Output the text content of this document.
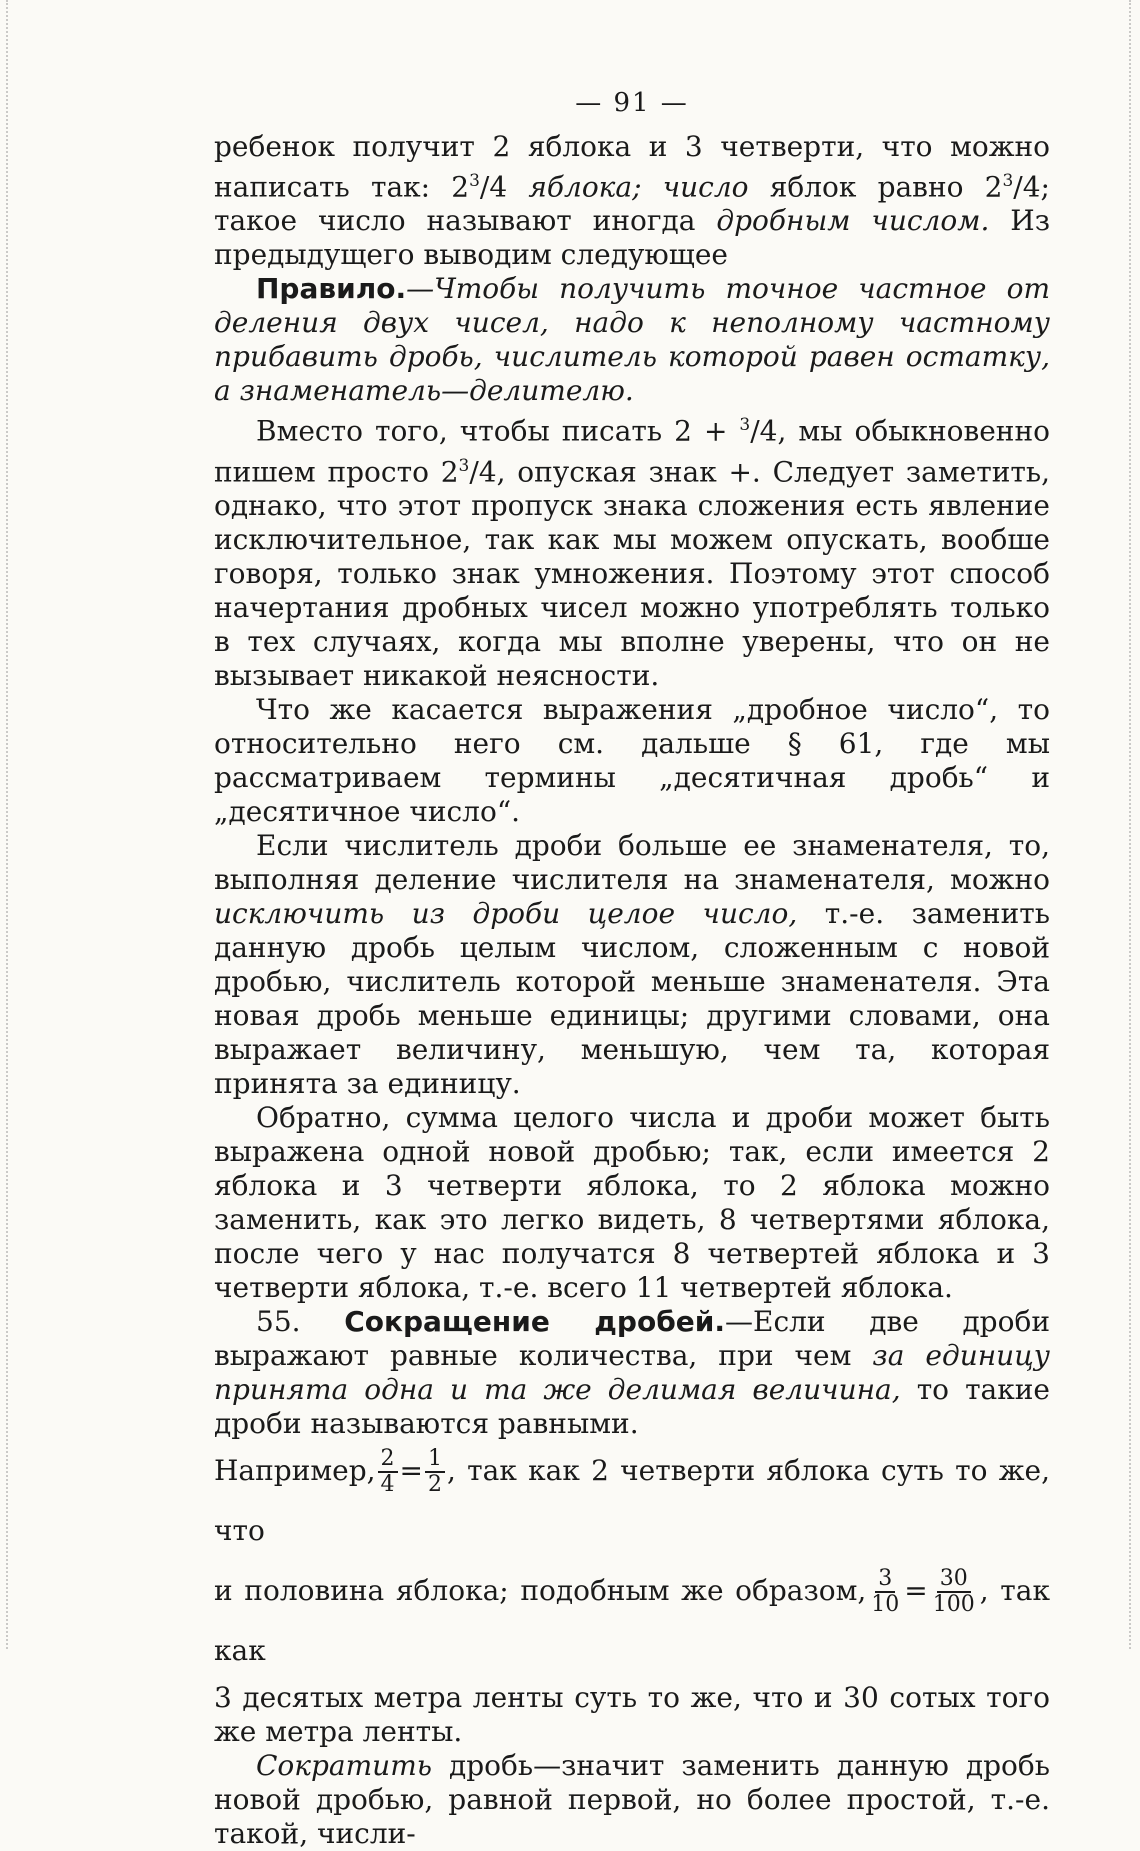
— 91 —

ребенок получит 2 яблока и 3 четверти, что можно написать так: $2^3/4$ яблока; число яблок равно $2^3/4$; такое число называют иногда дробным числом. Из предыдущего выводим следующее

Правило.—Чтобы получить точное частное от деления двух чисел, надо к неполному частному прибавить дробь, числитель которой равен остатку, а знаменатель—делителю.

Вместо того, чтобы писать 2 + $^3$/4, мы обыкновенно пишем просто $2^3/4$, опуская знак +. Следует заметить, однако, что этот пропуск знака сложения есть явление исключительное, так как мы можем опускать, вообше говоря, только знак умножения. Поэтому этот способ начертания дробных чисел можно употреблять только в тех случаях, когда мы вполне уверены, что он не вызывает никакой неясности.

Что же касается выражения „дробное число“, то относительно него см. дальше § 61, где мы рассматриваем термины „десятичная дробь“ и „десятичное число“.

Если числитель дроби больше ее знаменателя, то, выполняя деление числителя на знаменателя, можно исключить из дроби целое число, т.-е. заменить данную дробь целым числом, сложенным с новой дробью, числитель которой меньше знаменателя. Эта новая дробь меньше единицы; другими словами, она выражает величину, меньшую, чем та, которая принята за единицу.

Обратно, сумма целого числа и дроби может быть выражена одной новой дробью; так, если имеется 2 яблока и 3 четверти яблока, то 2 яблока можно заменить, как это легко видеть, 8 четвертями яблока, после чего у нас получатся 8 четвертей яблока и 3 четверти яблока, т.-е. всего 11 четвертей яблока.

55. Сокращение дробей.—Если две дроби выражают равные количества, при чем за единицу принята одна и та же делимая величина, то такие дроби называются равными.

Например, $\frac{2}{4} = \frac{1}{2}$ , так как 2 четверти яблока суть то же, что

и половина яблока; подобным же образом, $\frac{3}{10} = \frac{30}{100}$ , так как

3 десятых метра ленты суть то же, что и 30 сотых того же метра ленты.

Сократить дробь—значит заменить данную дробь новой дробью, равной первой, но более простой, т.-е. такой, числи-
